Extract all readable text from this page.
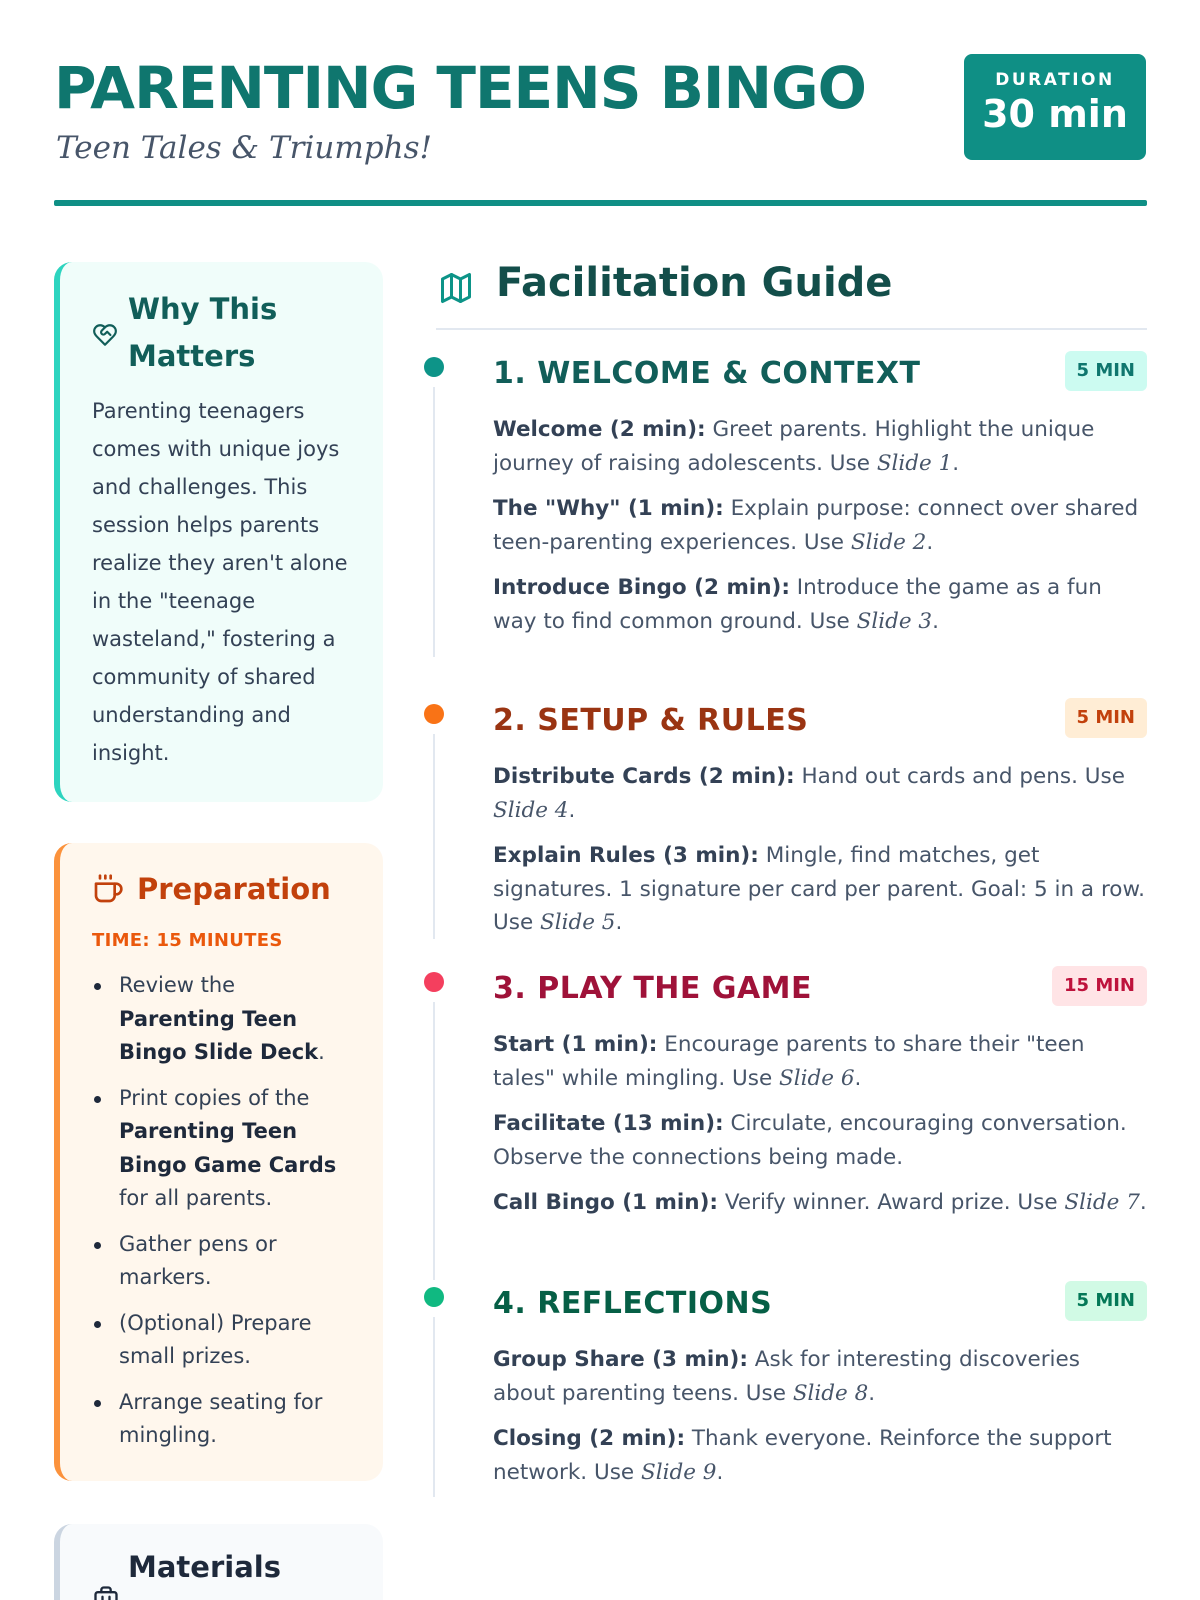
PARENTING TEENS BINGO
Teen Tales & Triumphs!
DURATION
30 min
Why This Matters
Parenting teenagers comes with unique joys and challenges. This session helps parents realize they aren't alone in the "teenage wasteland," fostering a community of shared understanding and insight.
Preparation
TIME: 15 MINUTES
Review the Parenting Teen Bingo Slide Deck.
Print copies of the Parenting Teen Bingo Game Cards for all parents.
Gather pens or markers.
(Optional) Prepare small prizes.
Arrange seating for mingling.
Materials
Facilitation Guide
1. WELCOME & CONTEXT	5 MIN

Welcome (2 min): Greet parents. Highlight the unique journey of raising adolescents. Use Slide 1.

The "Why" (1 min): Explain purpose: connect over shared teen-parenting experiences. Use Slide 2.

Introduce Bingo (2 min): Introduce the game as a fun way to find common ground. Use Slide 3.

2. SETUP & RULES	5 MIN

Distribute Cards (2 min): Hand out cards and pens. Use Slide 4.

Explain Rules (3 min): Mingle, find matches, get signatures. 1 signature per card per parent. Goal: 5 in a row. Use Slide 5.

3. PLAY THE GAME	15 MIN

Start (1 min): Encourage parents to share their "teen tales" while mingling. Use Slide 6.

Facilitate (13 min): Circulate, encouraging conversation. Observe the connections being made.

Call Bingo (1 min): Verify winner. Award prize. Use Slide 7.

4. REFLECTIONS	5 MIN

Group Share (3 min): Ask for interesting discoveries about parenting teens. Use Slide 8.

Closing (2 min): Thank everyone. Reinforce the support network. Use Slide 9.
